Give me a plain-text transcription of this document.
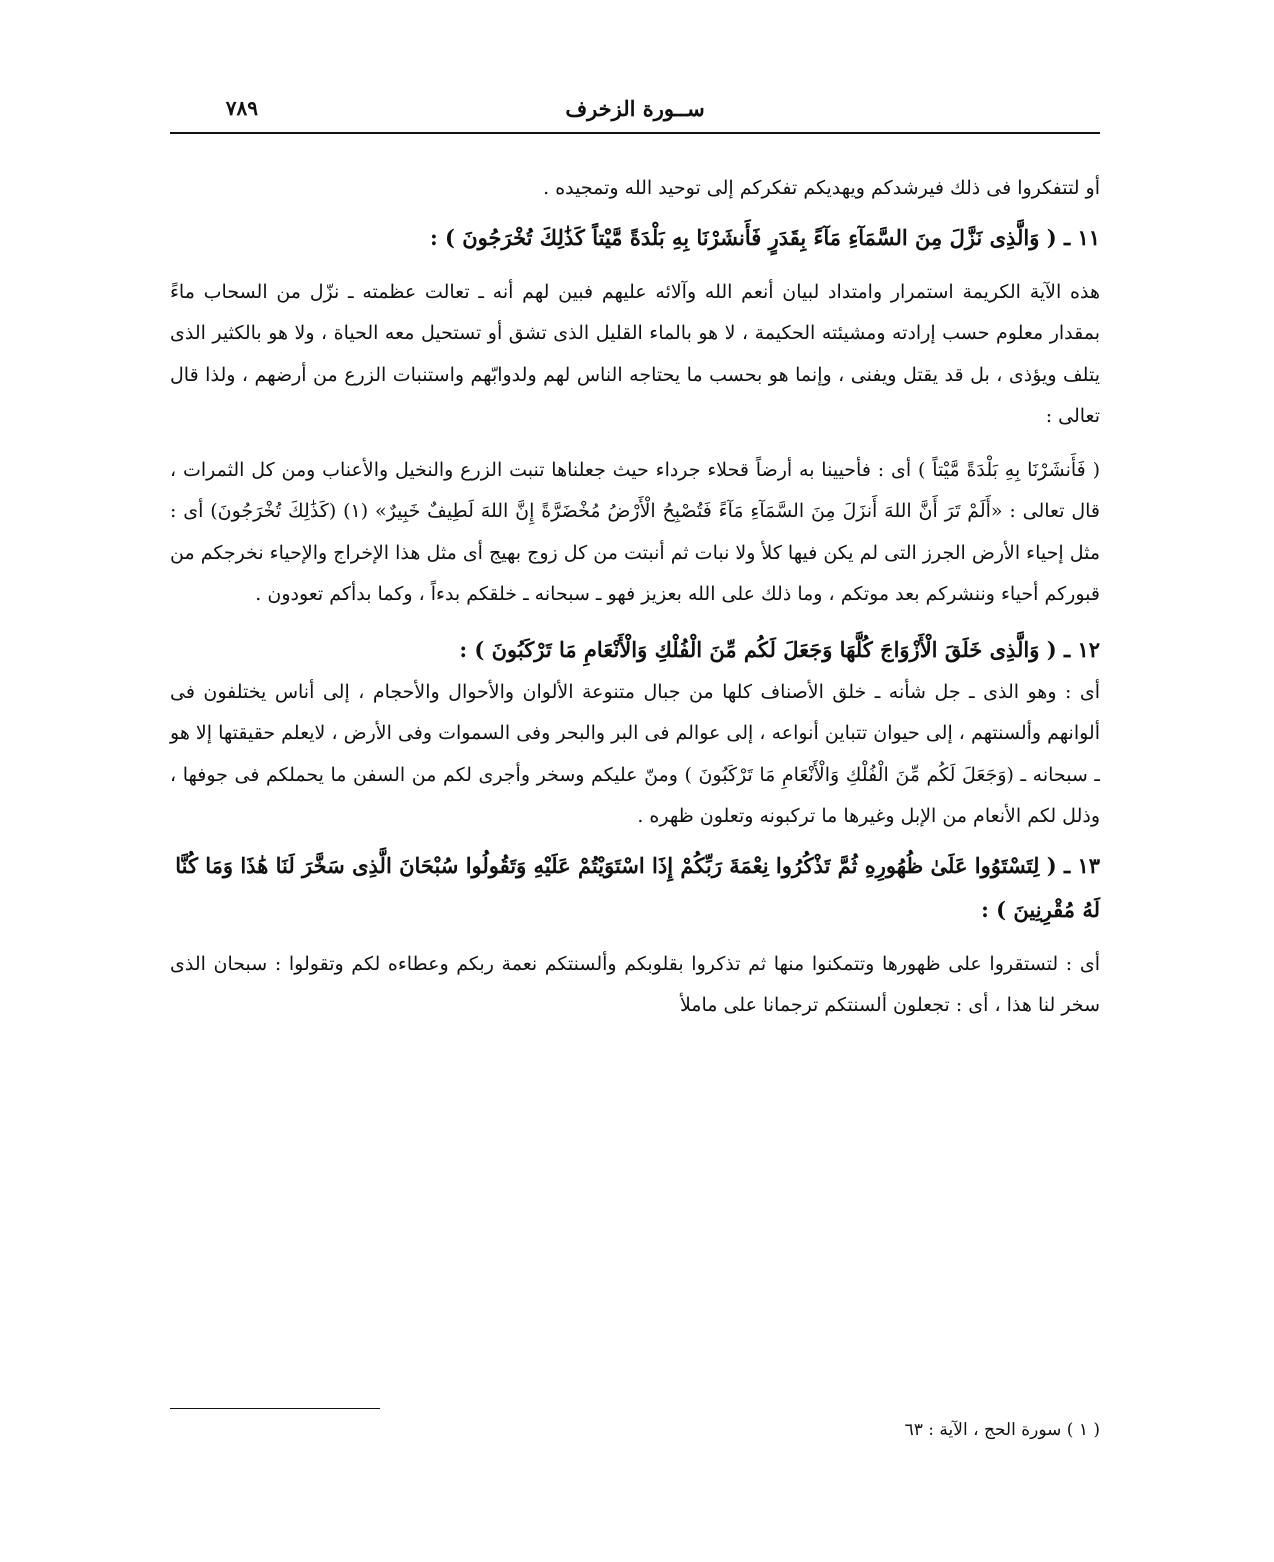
ســورة الزخرف
٧٨٩

أو لتتفكروا فى ذلك فيرشدكم ويهديكم تفكركم إلى توحيد الله وتمجيده .

١١ ـ ( وَالَّذِى نَزَّلَ مِنَ السَّمَآءِ مَآءً بِقَدَرٍ فَأَنشَرْنَا بِهِ بَلْدَةً مَّيْتاً كَذَٰلِكَ تُخْرَجُونَ ) :

هذه الآية الكريمة استمرار وامتداد لبيان أنعم الله وآلائه عليهم فبين لهم أنه ـ تعالت عظمته ـ نزّل من السحاب ماءً بمقدار معلوم حسب إرادته ومشيئته الحكيمة ، لا هو بالماء القليل الذى تشق أو تستحيل معه الحياة ، ولا هو بالكثير الذى يتلف ويؤذى ، بل قد يقتل ويفنى ، وإنما هو بحسب ما يحتاجه الناس لهم ولدوابّهم واستنبات الزرع من أرضهم ، ولذا قال تعالى :

( فَأَنشَرْنَا بِهِ بَلْدَةً مَّيْتاً ) أى : فأحيينا به أرضاً قحلاء جرداء حيث جعلناها تنبت الزرع والنخيل والأعناب ومن كل الثمرات ، قال تعالى : «أَلَمْ تَرَ أَنَّ اللهَ أَنزَلَ مِنَ السَّمَآءِ مَآءً فَتُصْبِحُ الْأَرْضُ مُخْضَرَّةً إِنَّ اللهَ لَطِيفٌ خَبِيرٌ» (١) (كَذَٰلِكَ تُخْرَجُونَ) أى : مثل إحياء الأرض الجرز التى لم يكن فيها كلأ ولا نبات ثم أنبتت من كل زوج بهيج أى مثل هذا الإخراج والإحياء نخرجكم من قبوركم أحياء وننشركم بعد موتكم ، وما ذلك على الله بعزيز فهو ـ سبحانه ـ خلقكم بدءاً ، وكما بدأكم تعودون .

١٢ ـ ( وَالَّذِى خَلَقَ الْأَزْوَاجَ كُلَّهَا وَجَعَلَ لَكُم مِّنَ الْفُلْكِ وَالْأَنْعَامِ مَا تَرْكَبُونَ ) :

أى : وهو الذى ـ جل شأنه ـ خلق الأصناف كلها من جبال متنوعة الألوان والأحوال والأحجام ، إلى أناس يختلفون فى ألوانهم وألسنتهم ، إلى حيوان تتباين أنواعه ، إلى عوالم فى البر والبحر وفى السموات وفى الأرض ، لايعلم حقيقتها إلا هو ـ سبحانه ـ (وَجَعَلَ لَكُم مِّنَ الْفُلْكِ وَالْأَنْعَامِ مَا تَرْكَبُونَ ) ومنّ عليكم وسخر وأجرى لكم من السفن ما يحملكم فى جوفها ، وذلل لكم الأنعام من الإبل وغيرها ما تركبونه وتعلون ظهره .

١٣ ـ ( لِتَسْتَوُوا عَلَىٰ ظُهُورِهِ ثُمَّ تَذْكُرُوا نِعْمَةَ رَبِّكُمْ إِذَا اسْتَوَيْتُمْ عَلَيْهِ وَتَقُولُوا سُبْحَانَ الَّذِى سَخَّرَ لَنَا هَٰذَا وَمَا كُنَّا لَهُ مُقْرِنِينَ ) :

أى : لتستقروا على ظهورها وتتمكنوا منها ثم تذكروا بقلوبكم وألسنتكم نعمة ربكم وعطاءه لكم وتقولوا : سبحان الذى سخر لنا هذا ، أى : تجعلون ألسنتكم ترجمانا على ماملأ

( ١ ) سورة الحج ، الآية : ٦٣
